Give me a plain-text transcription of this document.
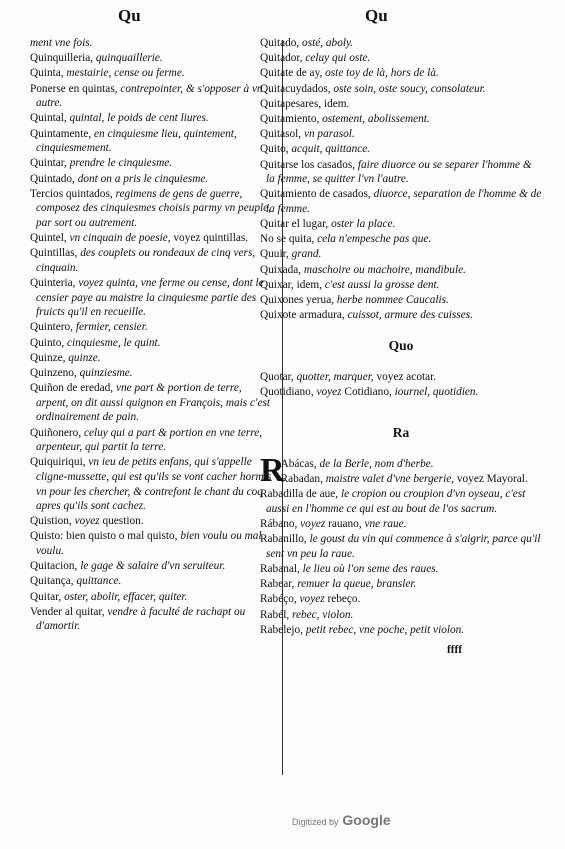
Qu	Qu
ment vne fois.
Quinquilleria, quinquaillerie.
Quinta, mestairie, cense ou ferme.
Ponerse en quintas, contrepointer, & s'opposer à vn autre.
Quintal, quintal, le poids de cent liures.
Quintamente, en cinquiesme lieu, quintement, cinquiesmement.
Quintar, prendre le cinquiesme.
Quintado, dont on a pris le cinquiesme.
Tercios quintados, regimens de gens de guerre, composez des cinquiesmes choisis parmy vn peuple, par sort ou autrement.
Quintel, vn cinquain de poesie, voyez quintillas.
Quintillas, des couplets ou rondeaux de cinq vers, cinquain.
Quinteria, voyez quinta, vne ferme ou cense, dont le censier paye au maistre la cinquiesme partie des fruicts qu'il en recueille.
Quintero, fermier, censier.
Quinto, cinquiesme, le quint.
Quinze, quinze.
Quinzeno, quinziesme.
Quiñon de eredad, vne part & portion de terre, arpent, on dit aussi quignon en François, mais c'est ordinairement de pain.
Quiñonero, celuy qui a part & portion en vne terre, arpenteur, qui partit la terre.
Quiquiriqui, vn ieu de petits enfans, qui s'appelle cligne-mussette, qui est qu'ils se vont cacher hormis vn pour les chercher, & contrefont le chant du coq apres qu'ils sont cachez.
Quistion, voyez question.
Quisto: bien quisto o mal quisto, bien voulu ou mal voulu.
Quitacion, le gage & salaire d'vn seruiteur.
Quitança, quittance.
Quitar, oster, abolir, effacer, quiter.
Vender al quitar, vendre à faculté de rachapt ou d'amortir.
Quitado, osté, aboly.
Quitador, celuy qui oste.
Quitate de ay, oste toy de là, hors de là.
Quitacuydados, oste soin, oste soucy, consolateur.
Quitapesares, idem.
Quitamiento, ostement, abolissement.
Quitasol, vn parasol.
Quito, acquit, quittance.
Quitarse los casados, faire diuorce ou se separer l'homme & la femme, se quitter l'vn l'autre.
Quitamiento de casados, diuorce, separation de l'homme & de la femme.
Quitar el lugar, oster la place.
No se quita, cela n'empesche pas que.
Quuir, grand.
Quixada, maschoire ou machoire, mandibule.
Quixar, idem, c'est aussi la grosse dent.
Quixones yerua, herbe nommee Caucalis.
Quixote armadura, cuissot, armure des cuisses.
Quo
Quotar, quotter, marquer, voyez acotar.
Quotidiano, voyez Cotidiano, iournel, quotidien.
Ra
R
Abácas, de la Berle, nom d'herbe.
Rabadan, maistre valet d'vne bergerie, voyez Mayoral.
Rabadilla de aue, le cropion ou croupion d'vn oyseau, c'est aussi en l'homme ce qui est au bout de l'os sacrum.
Rábano, voyez rauano, vne raue.
Rabanillo, le goust du vin qui commence à s'aigrir, parce qu'il sent vn peu la raue.
Rabanal, le lieu où l'on seme des raues.
Rabear, remuer la queue, bransler.
Rabéço, voyez rebeço.
Rabél, rebec, violon.
Rabelejo, petit rebec, vne poche, petit violon.
ffff
Digitized by Google
